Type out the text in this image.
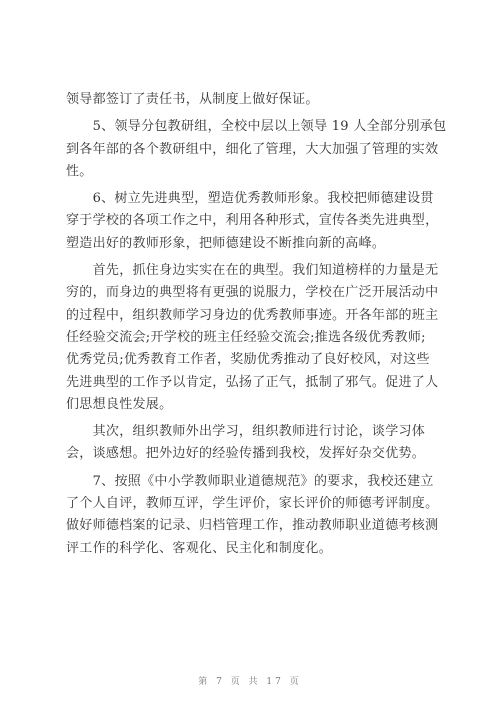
领导都签订了责任书，从制度上做好保证。

　　5、领导分包教研组，全校中层以上领导 19 人全部分别承包
到各年部的各个教研组中，细化了管理，大大加强了管理的实效
性。

　　6、树立先进典型，塑造优秀教师形象。我校把师德建设贯
穿于学校的各项工作之中，利用各种形式，宣传各类先进典型，
塑造出好的教师形象，把师德建设不断推向新的高峰。

　　首先，抓住身边实实在在的典型。我们知道榜样的力量是无
穷的，而身边的典型将有更强的说服力，学校在广泛开展活动中
的过程中，组织教师学习身边的优秀教师事迹。开各年部的班主
任经验交流会;开学校的班主任经验交流会;推选各级优秀教师;
优秀党员;优秀教育工作者，奖励优秀推动了良好校风，对这些
先进典型的工作予以肯定，弘扬了正气，抵制了邪气。促进了人
们思想良性发展。

　　其次，组织教师外出学习，组织教师进行讨论，谈学习体
会，谈感想。把外边好的经验传播到我校，发挥好杂交优势。

　　7、按照《中小学教师职业道德规范》的要求，我校还建立
了个人自评，教师互评，学生评价，家长评价的师德考评制度。
做好师德档案的记录、归档管理工作，推动教师职业道德考核测
评工作的科学化、客观化、民主化和制度化。

第 7 页 共 17 页
